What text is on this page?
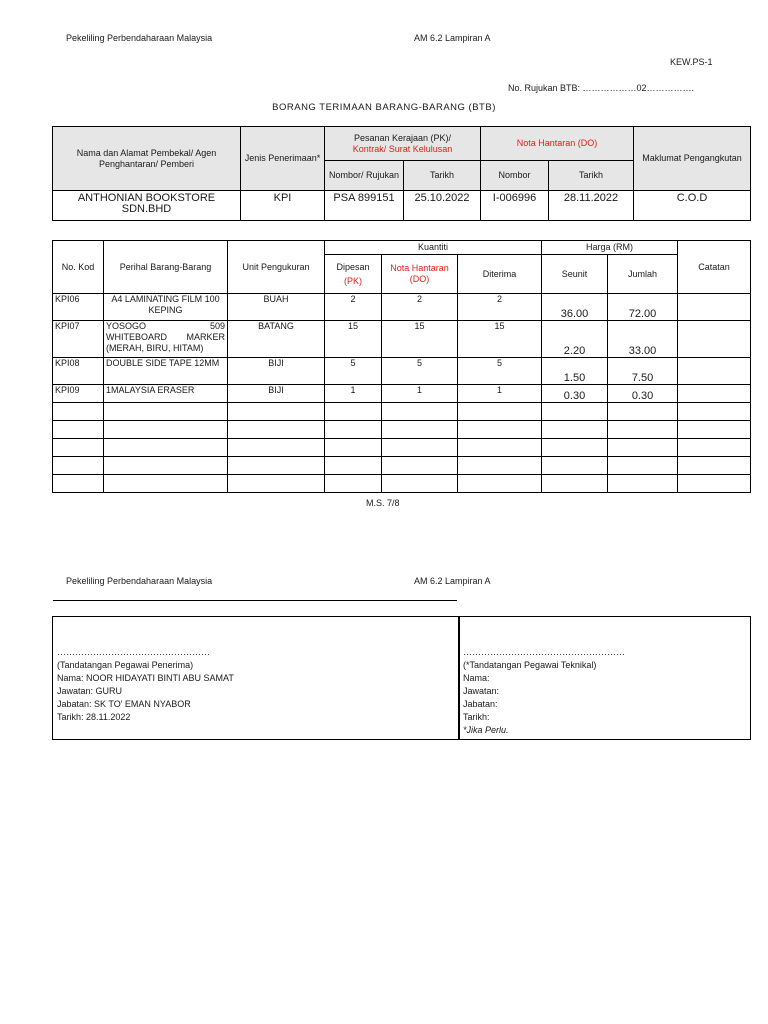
Pekeliling Perbendaharaan Malaysia	AM 6.2 Lampiran A
KEW.PS-1
No. Rujukan BTB: ………………02…………….
BORANG TERIMAAN BARANG-BARANG (BTB)
Nama dan Alamat Pembekal/ Agen Penghantaran/ Pemberi	Jenis Penerimaan*	Pesanan Kerajaan (PK)/
Kontrak/ Surat Kelulusan		Nota Hantaran (DO)		Maklumat Pengangkutan
		Nombor/ Rujukan	Tarikh	Nombor	Tarikh	
ANTHONIAN BOOKSTORE SDN.BHD	KPI	PSA 899151	25.10.2022	I-006996	28.11.2022	C.O.D
No. Kod	Perihal Barang-Barang	Unit Pengukuran	Kuantiti			Harga (RM)		Catatan

			Dipesan
(PK)	Nota Hantaran (DO)	Diterima	Seunit	Jumlah	
KPI06	A4 LAMINATING FILM 100 KEPING	BUAH	2	2	2	36.00	72.00	
KPI07	YOSOGO 509 WHITEBOARD MARKER (MERAH, BIRU, HITAM)	BATANG	15	15	15	2.20	33.00	
KPI08	DOUBLE SIDE TAPE 12MM	BIJI	5	5	5	1.50	7.50	
KPI09	1MALAYSIA ERASER	BIJI	1	1	1	0.30	0.30	

M.S. 7/8
Pekeliling Perbendaharaan Malaysia	AM 6.2 Lampiran A
……………………………………………
(Tandatangan Pegawai Penerima)
Nama: NOOR HIDAYATI BINTI ABU SAMAT
Jawatan: GURU
Jabatan: SK TO' EMAN NYABOR
Tarikh: 28.11.2022
………………………………………………
(*Tandatangan Pegawai Teknikal)
Nama:
Jawatan:
Jabatan:
Tarikh:
*Jika Perlu.
